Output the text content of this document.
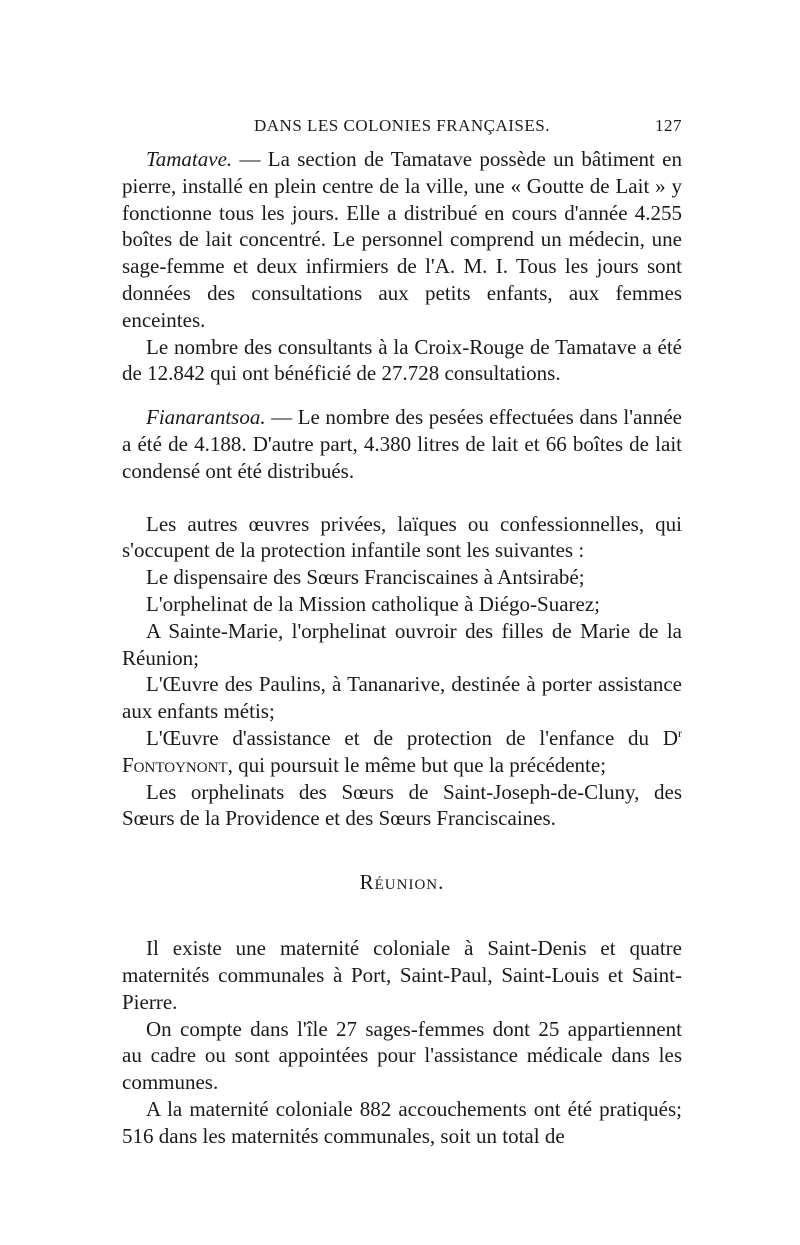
DANS LES COLONIES FRANÇAISES.	127

Tamatave. — La section de Tamatave possède un bâtiment en pierre, installé en plein centre de la ville, une « Goutte de Lait » y fonctionne tous les jours. Elle a distribué en cours d'année 4.255 boîtes de lait concentré. Le personnel comprend un médecin, une sage-femme et deux infirmiers de l'A. M. I. Tous les jours sont données des consultations aux petits enfants, aux femmes enceintes.

Le nombre des consultants à la Croix-Rouge de Tamatave a été de 12.842 qui ont bénéficié de 27.728 consultations.

Fianarantsoa. — Le nombre des pesées effectuées dans l'année a été de 4.188. D'autre part, 4.380 litres de lait et 66 boîtes de lait condensé ont été distribués.

Les autres œuvres privées, laïques ou confessionnelles, qui s'occupent de la protection infantile sont les suivantes :

Le dispensaire des Sœurs Franciscaines à Antsirabé;

L'orphelinat de la Mission catholique à Diégo-Suarez;

A Sainte-Marie, l'orphelinat ouvroir des filles de Marie de la Réunion;

L'Œuvre des Paulins, à Tananarive, destinée à porter assistance aux enfants métis;

L'Œuvre d'assistance et de protection de l'enfance du $D^r$ Fontoynont, qui poursuit le même but que la précédente;

Les orphelinats des Sœurs de Saint-Joseph-de-Cluny, des Sœurs de la Providence et des Sœurs Franciscaines.

Réunion.

Il existe une maternité coloniale à Saint-Denis et quatre maternités communales à Port, Saint-Paul, Saint-Louis et Saint-Pierre.

On compte dans l'île 27 sages-femmes dont 25 appartiennent au cadre ou sont appointées pour l'assistance médicale dans les communes.

A la maternité coloniale 882 accouchements ont été pratiqués; 516 dans les maternités communales, soit un total de
